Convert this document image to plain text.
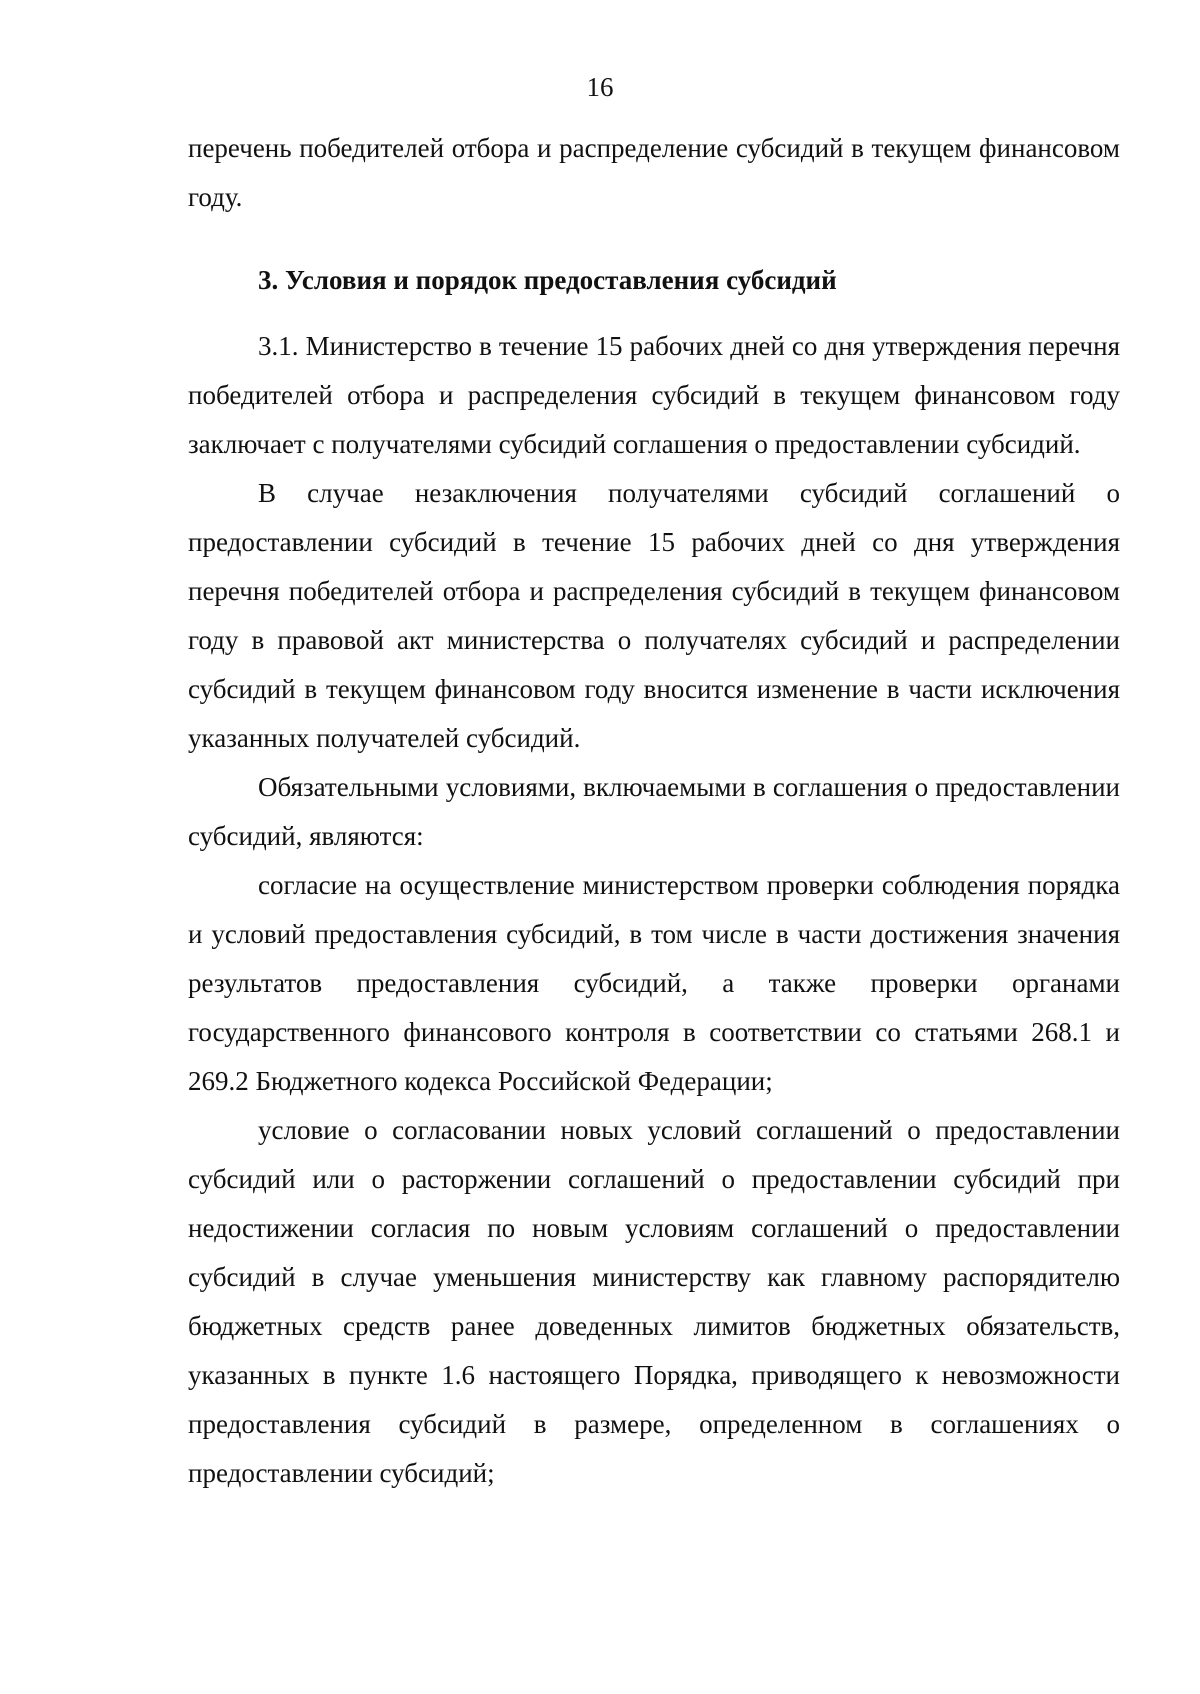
16

перечень победителей отбора и распределение субсидий в текущем финансовом году.

3. Условия и порядок предоставления субсидий

3.1. Министерство в течение 15 рабочих дней со дня утверждения перечня победителей отбора и распределения субсидий в текущем финансовом году заключает с получателями субсидий соглашения о предоставлении субсидий.

В случае незаключения получателями субсидий соглашений о предоставлении субсидий в течение 15 рабочих дней со дня утверждения перечня победителей отбора и распределения субсидий в текущем финансовом году в правовой акт министерства о получателях субсидий и распределении субсидий в текущем финансовом году вносится изменение в части исключения указанных получателей субсидий.

Обязательными условиями, включаемыми в соглашения о предоставлении субсидий, являются:

согласие на осуществление министерством проверки соблюдения порядка и условий предоставления субсидий, в том числе в части достижения значения результатов предоставления субсидий, а также проверки органами государственного финансового контроля в соответствии со статьями 268.1 и 269.2 Бюджетного кодекса Российской Федерации;

условие о согласовании новых условий соглашений о предоставлении субсидий или о расторжении соглашений о предоставлении субсидий при недостижении согласия по новым условиям соглашений о предоставлении субсидий в случае уменьшения министерству как главному распорядителю бюджетных средств ранее доведенных лимитов бюджетных обязательств, указанных в пункте 1.6 настоящего Порядка, приводящего к невозможности предоставления субсидий в размере, определенном в соглашениях о предоставлении субсидий;
